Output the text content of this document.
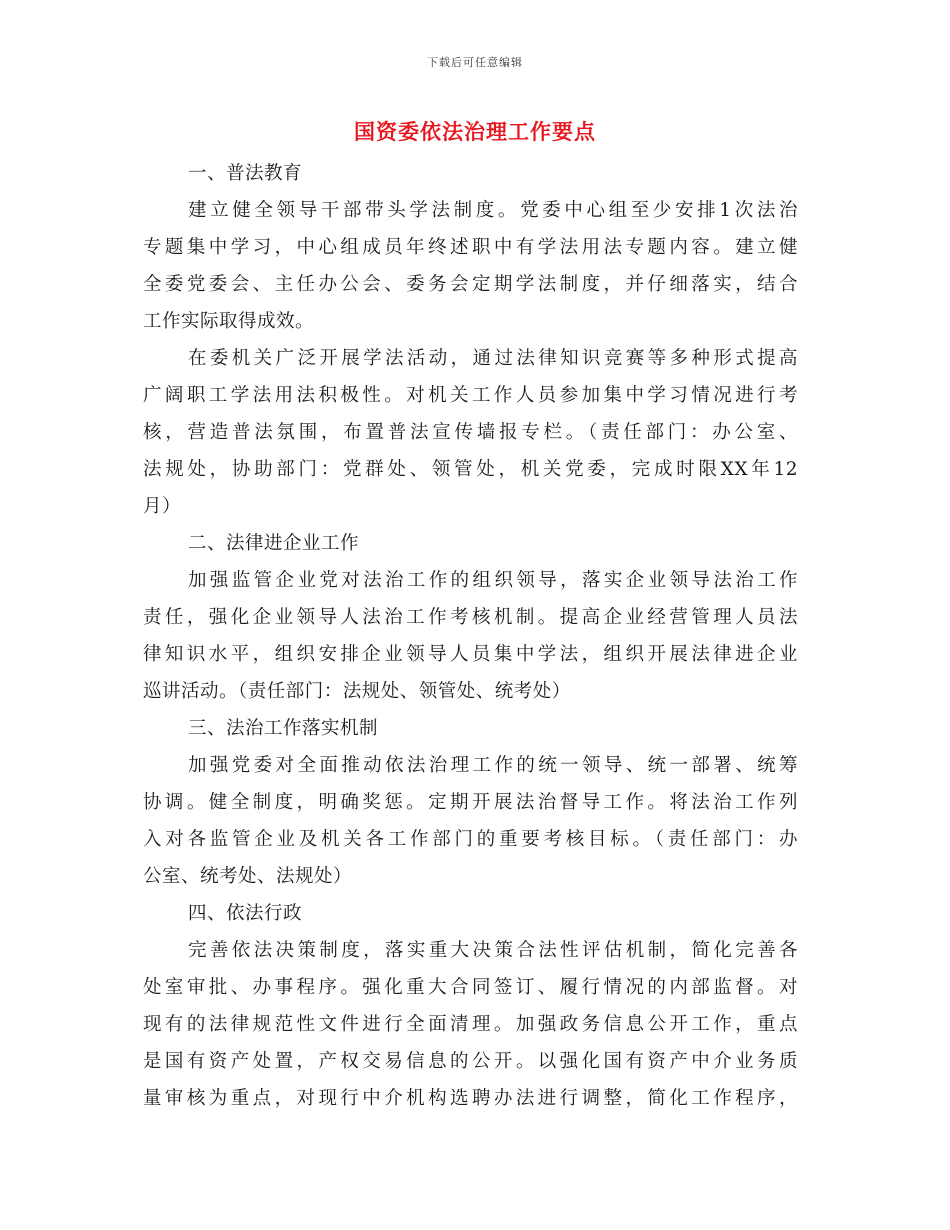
下载后可任意编辑
国资委依法治理工作要点
一、普法教育
建立健全领导干部带头学法制度。党委中心组至少安排1次法治
专题集中学习，中心组成员年终述职中有学法用法专题内容。建立健
全委党委会、主任办公会、委务会定期学法制度，并仔细落实，结合
工作实际取得成效。
在委机关广泛开展学法活动，通过法律知识竞赛等多种形式提高
广阔职工学法用法积极性。对机关工作人员参加集中学习情况进行考
核，营造普法氛围，布置普法宣传墙报专栏。（责任部门：办公室、
法规处，协助部门：党群处、领管处，机关党委，完成时限XX年12
月）
二、法律进企业工作
加强监管企业党对法治工作的组织领导，落实企业领导法治工作
责任，强化企业领导人法治工作考核机制。提高企业经营管理人员法
律知识水平，组织安排企业领导人员集中学法，组织开展法律进企业
巡讲活动。（责任部门：法规处、领管处、统考处）
三、法治工作落实机制
加强党委对全面推动依法治理工作的统一领导、统一部署、统筹
协调。健全制度，明确奖惩。定期开展法治督导工作。将法治工作列
入对各监管企业及机关各工作部门的重要考核目标。（责任部门：办
公室、统考处、法规处）
四、依法行政
完善依法决策制度，落实重大决策合法性评估机制，简化完善各
处室审批、办事程序。强化重大合同签订、履行情况的内部监督。对
现有的法律规范性文件进行全面清理。加强政务信息公开工作，重点
是国有资产处置，产权交易信息的公开。以强化国有资产中介业务质
量审核为重点，对现行中介机构选聘办法进行调整，简化工作程序，
